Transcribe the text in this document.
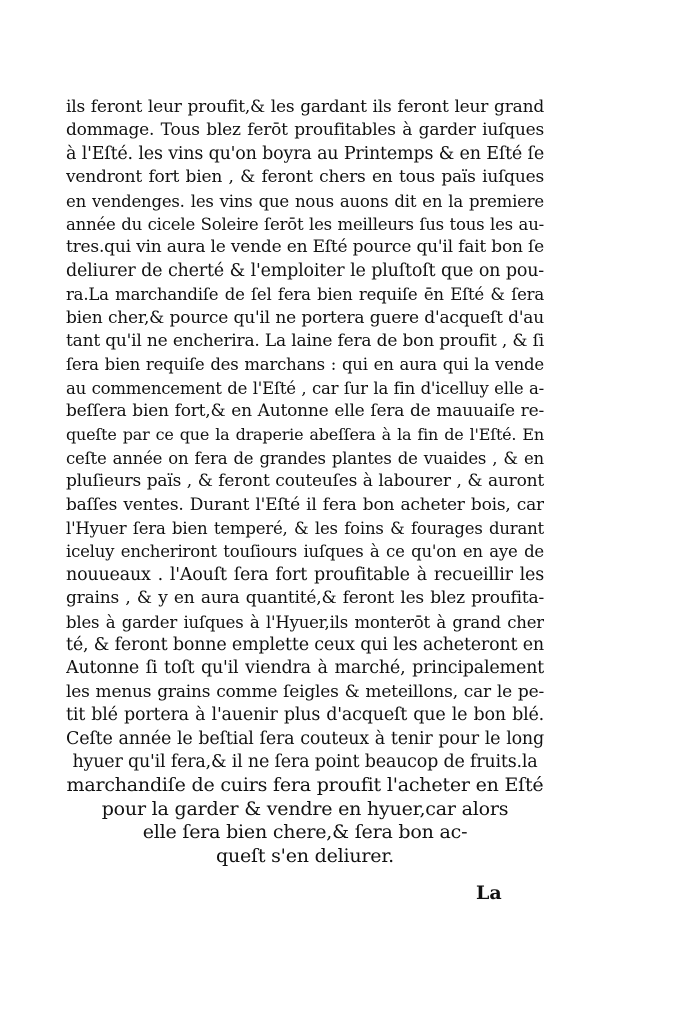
ils feront leur proufit,& les gardant ils feront leur grand
dommage. Tous blez ferōt proufitables à garder iuſques
à l'Eſté. les vins qu'on boyra au Printemps & en Eſté ſe
vendront fort bien , & feront chers en tous païs iuſques
en vendenges. les vins que nous auons dit en la premiere
année du cicele Soleire ſerōt les meilleurs ſus tous les au-
tres.qui vin aura le vende en Eſté pource qu'il fait bon ſe
deliurer de cherté & l'emploiter le pluſtoſt que on pou-
ra.La marchandiſe de ſel fera bien requiſe ēn Eſté & ſera
bien cher,& pource qu'il ne portera guere d'acqueſt d'au
tant qu'il ne encherira. La laine fera de bon proufit , & ſi
ſera bien requiſe des marchans : qui en aura qui la vende
au commencement de l'Eſté , car ſur la fin d'icelluy elle a-
beſſera bien fort,& en Autonne elle ſera de mauuaiſe re-
queſte par ce que la draperie abeſſera à la fin de l'Eſté. En
ceſte année on fera de grandes plantes de vuaides , & en
pluſieurs païs , & feront couteuſes à labourer , & auront
baſſes ventes. Durant l'Eſté il fera bon acheter bois, car
l'Hyuer ſera bien temperé, & les foins & fourages durant
iceluy encheriront touſiours iuſques à ce qu'on en aye de
nouueaux . l'Aouſt ſera fort proufitable à recueillir les
grains , & y en aura quantité,& feront les blez proufita-
bles à garder iuſques à l'Hyuer,ils monterōt à grand cher
té, & feront bonne emplette ceux qui les acheteront en
Autonne ſi toſt qu'il viendra à marché, principalement
les menus grains comme ſeigles & meteillons, car le pe-
tit blé portera à l'auenir plus d'acqueſt que le bon blé.
Ceſte année le beſtial ſera couteux à tenir pour le long
hyuer qu'il fera,& il ne ſera point beaucop de fruits.la
marchandiſe de cuirs fera proufit l'acheter en Eſté
pour la garder & vendre en hyuer,car alors
elle ſera bien chere,& ſera bon ac-
queſt s'en deliurer.
La
